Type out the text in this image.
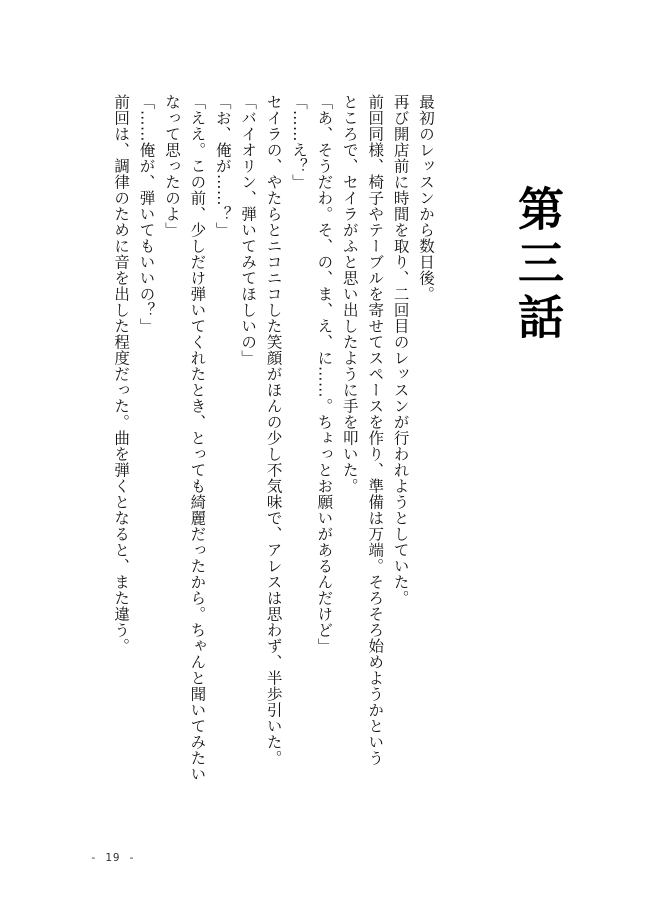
第三話

最初のレッスンから数日後。

再び開店前に時間を取り、二回目のレッスンが行われようとしていた。

前回同様、椅子やテーブルを寄せてスペースを作り、準備は万端。そろそろ始めようかという

ところで、セイラがふと思い出したように手を叩いた。

「あ、そうだわ。そ、の、ま、え、に……。ちょっとお願いがあるんだけど」

「……え？」

セイラの、やたらとニコニコした笑顔がほんの少し不気味で、アレスは思わず、半歩引いた。

「バイオリン、弾いてみてほしいの」

「お、俺が……？」

「ええ。この前、少しだけ弾いてくれたとき、とっても綺麗だったから。ちゃんと聞いてみたい

なって思ったのよ」

「……俺が、弾いてもいいの？」

前回は、調律のために音を出した程度だった。曲を弾くとなると、また違う。

- 19 -
